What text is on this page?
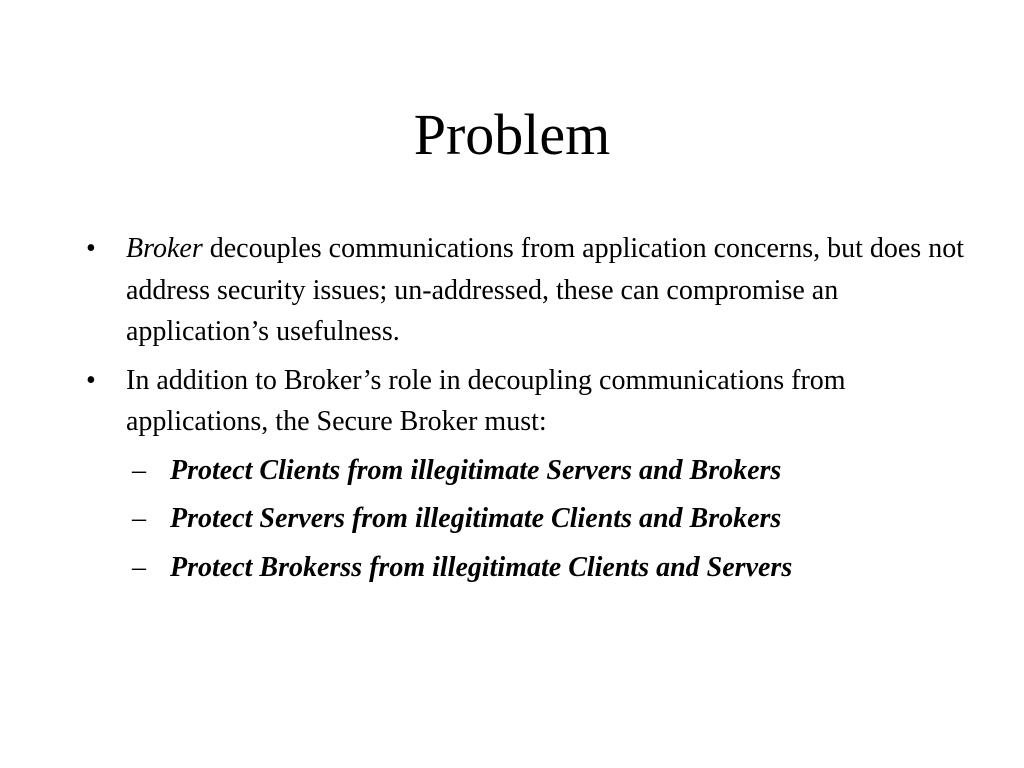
Problem
• Broker decouples communications from application concerns, but does not address security issues; un-addressed, these can compromise an application’s usefulness.
• In addition to Broker’s role in decoupling communications from applications, the Secure Broker must:
– Protect Clients from illegitimate Servers and Brokers
– Protect Servers from illegitimate Clients and Brokers
– Protect Brokerss from illegitimate Clients and Servers
